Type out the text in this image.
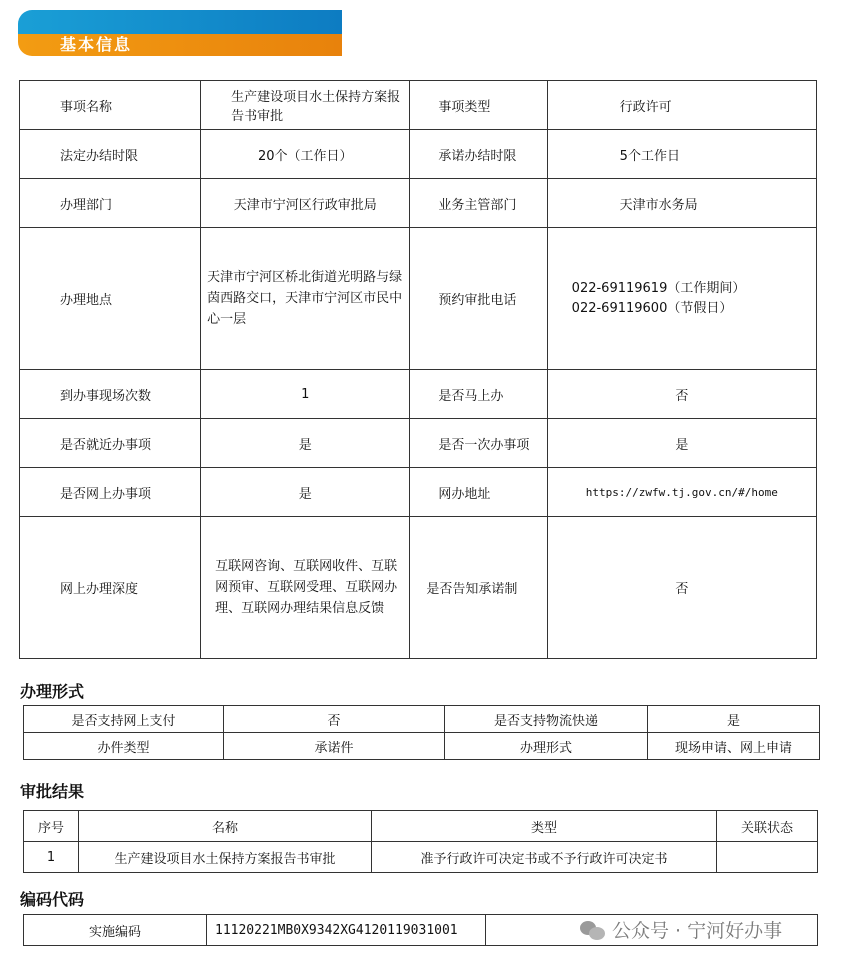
基本信息
事项名称	生产建设项目水土保持方案报告书审批	事项类型	行政许可
法定办结时限	20个（工作日）	承诺办结时限	5个工作日
办理部门	天津市宁河区行政审批局	业务主管部门	天津市水务局
办理地点	天津市宁河区桥北街道光明路与绿茵西路交口，天津市宁河区市民中心一层	预约审批电话	022-69119619（工作期间）
022-69119600（节假日）

到办事现场次数	1	是否马上办	否
是否就近办事项	是	是否一次办事项	是
是否网上办事项	是	网办地址	https://zwfw.tj.gov.cn/#/home
网上办理深度	互联网咨询、互联网收件、互联网预审、互联网受理、互联网办理、互联网办理结果信息反馈	是否告知承诺制	否
办理形式
是否支持网上支付	否	是否支持物流快递	是
办件类型	承诺件	办理形式	现场申请、网上申请
审批结果
序号	名称	类型	关联状态
1	生产建设项目水土保持方案报告书审批	准予行政许可决定书或不予行政许可决定书	
编码代码
实施编码	11120221MB0X9342XG4120119031001		公众号 · 宁河好办事
